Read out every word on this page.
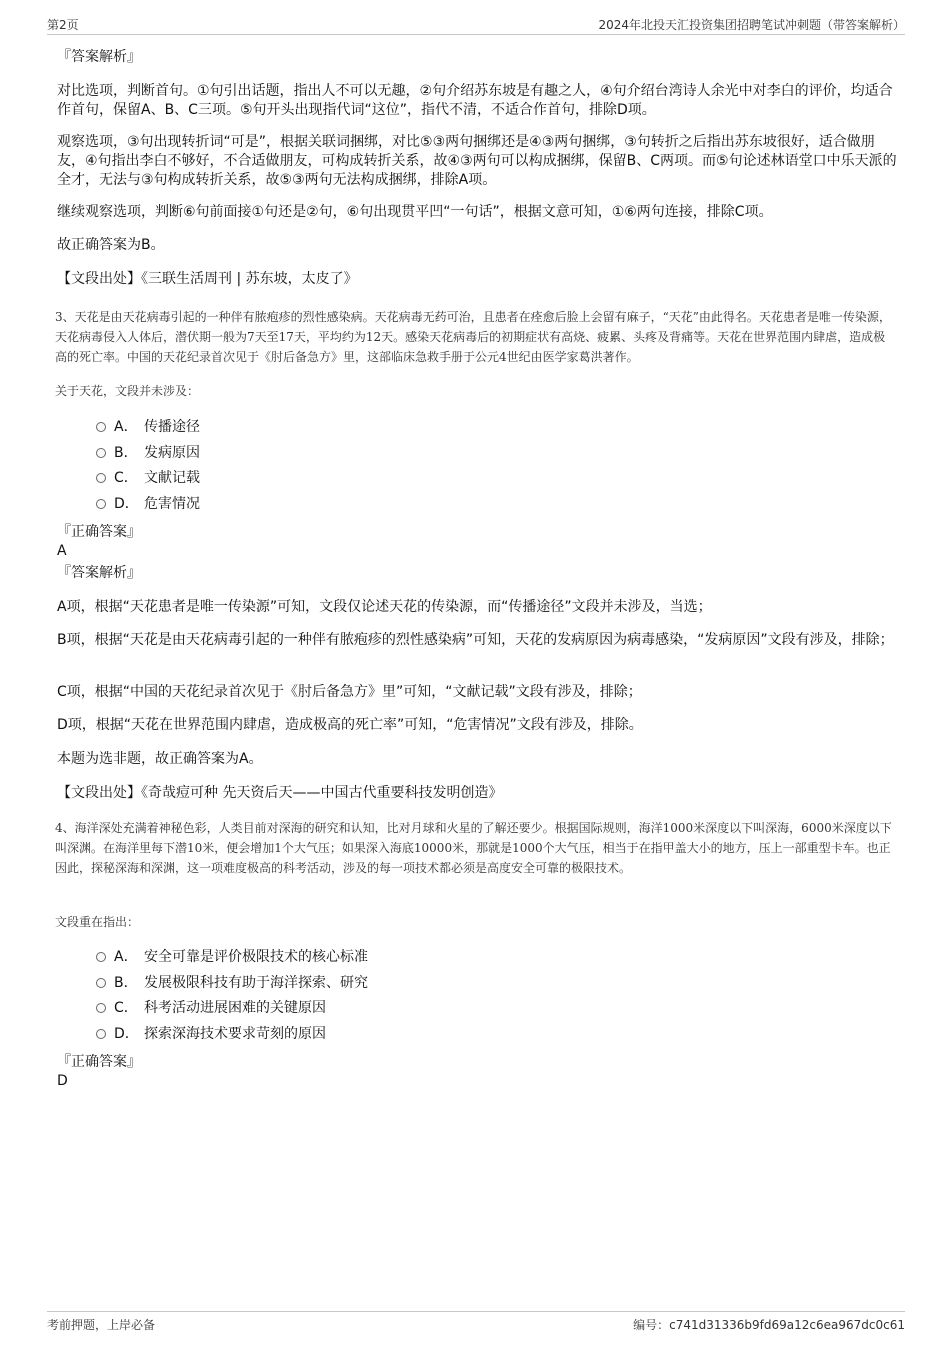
第2页	2024年北投天汇投资集团招聘笔试冲刺题（带答案解析）
『答案解析』
对比选项，判断首句。①句引出话题，指出人不可以无趣，②句介绍苏东坡是有趣之人，④句介绍台湾诗人余光中对李白的评价，均适合作首句，保留A、B、C三项。⑤句开头出现指代词“这位”，指代不清，不适合作首句，排除D项。
观察选项，③句出现转折词“可是”，根据关联词捆绑，对比⑤③两句捆绑还是④③两句捆绑，③句转折之后指出苏东坡很好，适合做朋友，④句指出李白不够好，不合适做朋友，可构成转折关系，故④③两句可以构成捆绑，保留B、C两项。而⑤句论述林语堂口中乐天派的全才，无法与③句构成转折关系，故⑤③两句无法构成捆绑，排除A项。
继续观察选项，判断⑥句前面接①句还是②句，⑥句出现贯平凹“一句话”，根据文意可知，①⑥两句连接，排除C项。
故正确答案为B。
【文段出处】《三联生活周刊 | 苏东坡，太皮了》
3、天花是由天花病毒引起的一种伴有脓疱疹的烈性感染病。天花病毒无药可治，且患者在痊愈后脸上会留有麻子，“天花”由此得名。天花患者是唯一传染源，天花病毒侵入人体后，潜伏期一般为7天至17天，平均约为12天。感染天花病毒后的初期症状有高烧、疲累、头疼及背痛等。天花在世界范围内肆虐，造成极高的死亡率。中国的天花纪录首次见于《肘后备急方》里，这部临床急救手册于公元4世纪由医学家葛洪著作。
关于天花，文段并未涉及：
A． 传播途径
B． 发病原因
C． 文献记载
D． 危害情况
『正确答案』
A
『答案解析』
A项，根据“天花患者是唯一传染源”可知，文段仅论述天花的传染源，而“传播途径”文段并未涉及，当选；
B项，根据“天花是由天花病毒引起的一种伴有脓疱疹的烈性感染病”可知，天花的发病原因为病毒感染，“发病原因”文段有涉及，排除；
C项，根据“中国的天花纪录首次见于《肘后备急方》里”可知，“文献记载”文段有涉及，排除；
D项，根据“天花在世界范围内肆虐，造成极高的死亡率”可知，“危害情况”文段有涉及，排除。
本题为选非题，故正确答案为A。
【文段出处】《奇哉痘可种 先天资后天——中国古代重要科技发明创造》
4、海洋深处充满着神秘色彩，人类目前对深海的研究和认知，比对月球和火星的了解还要少。根据国际规则，海洋1000米深度以下叫深海，6000米深度以下叫深渊。在海洋里每下潜10米，便会增加1个大气压；如果深入海底10000米，那就是1000个大气压，相当于在指甲盖大小的地方，压上一部重型卡车。也正因此，探秘深海和深渊，这一项难度极高的科考活动，涉及的每一项技术都必须是高度安全可靠的极限技术。
文段重在指出：
A． 安全可靠是评价极限技术的核心标准
B． 发展极限科技有助于海洋探索、研究
C． 科考活动进展困难的关键原因
D． 探索深海技术要求苛刻的原因
『正确答案』
D
考前押题，上岸必备	编号：c741d31336b9fd69a12c6ea967dc0c61
